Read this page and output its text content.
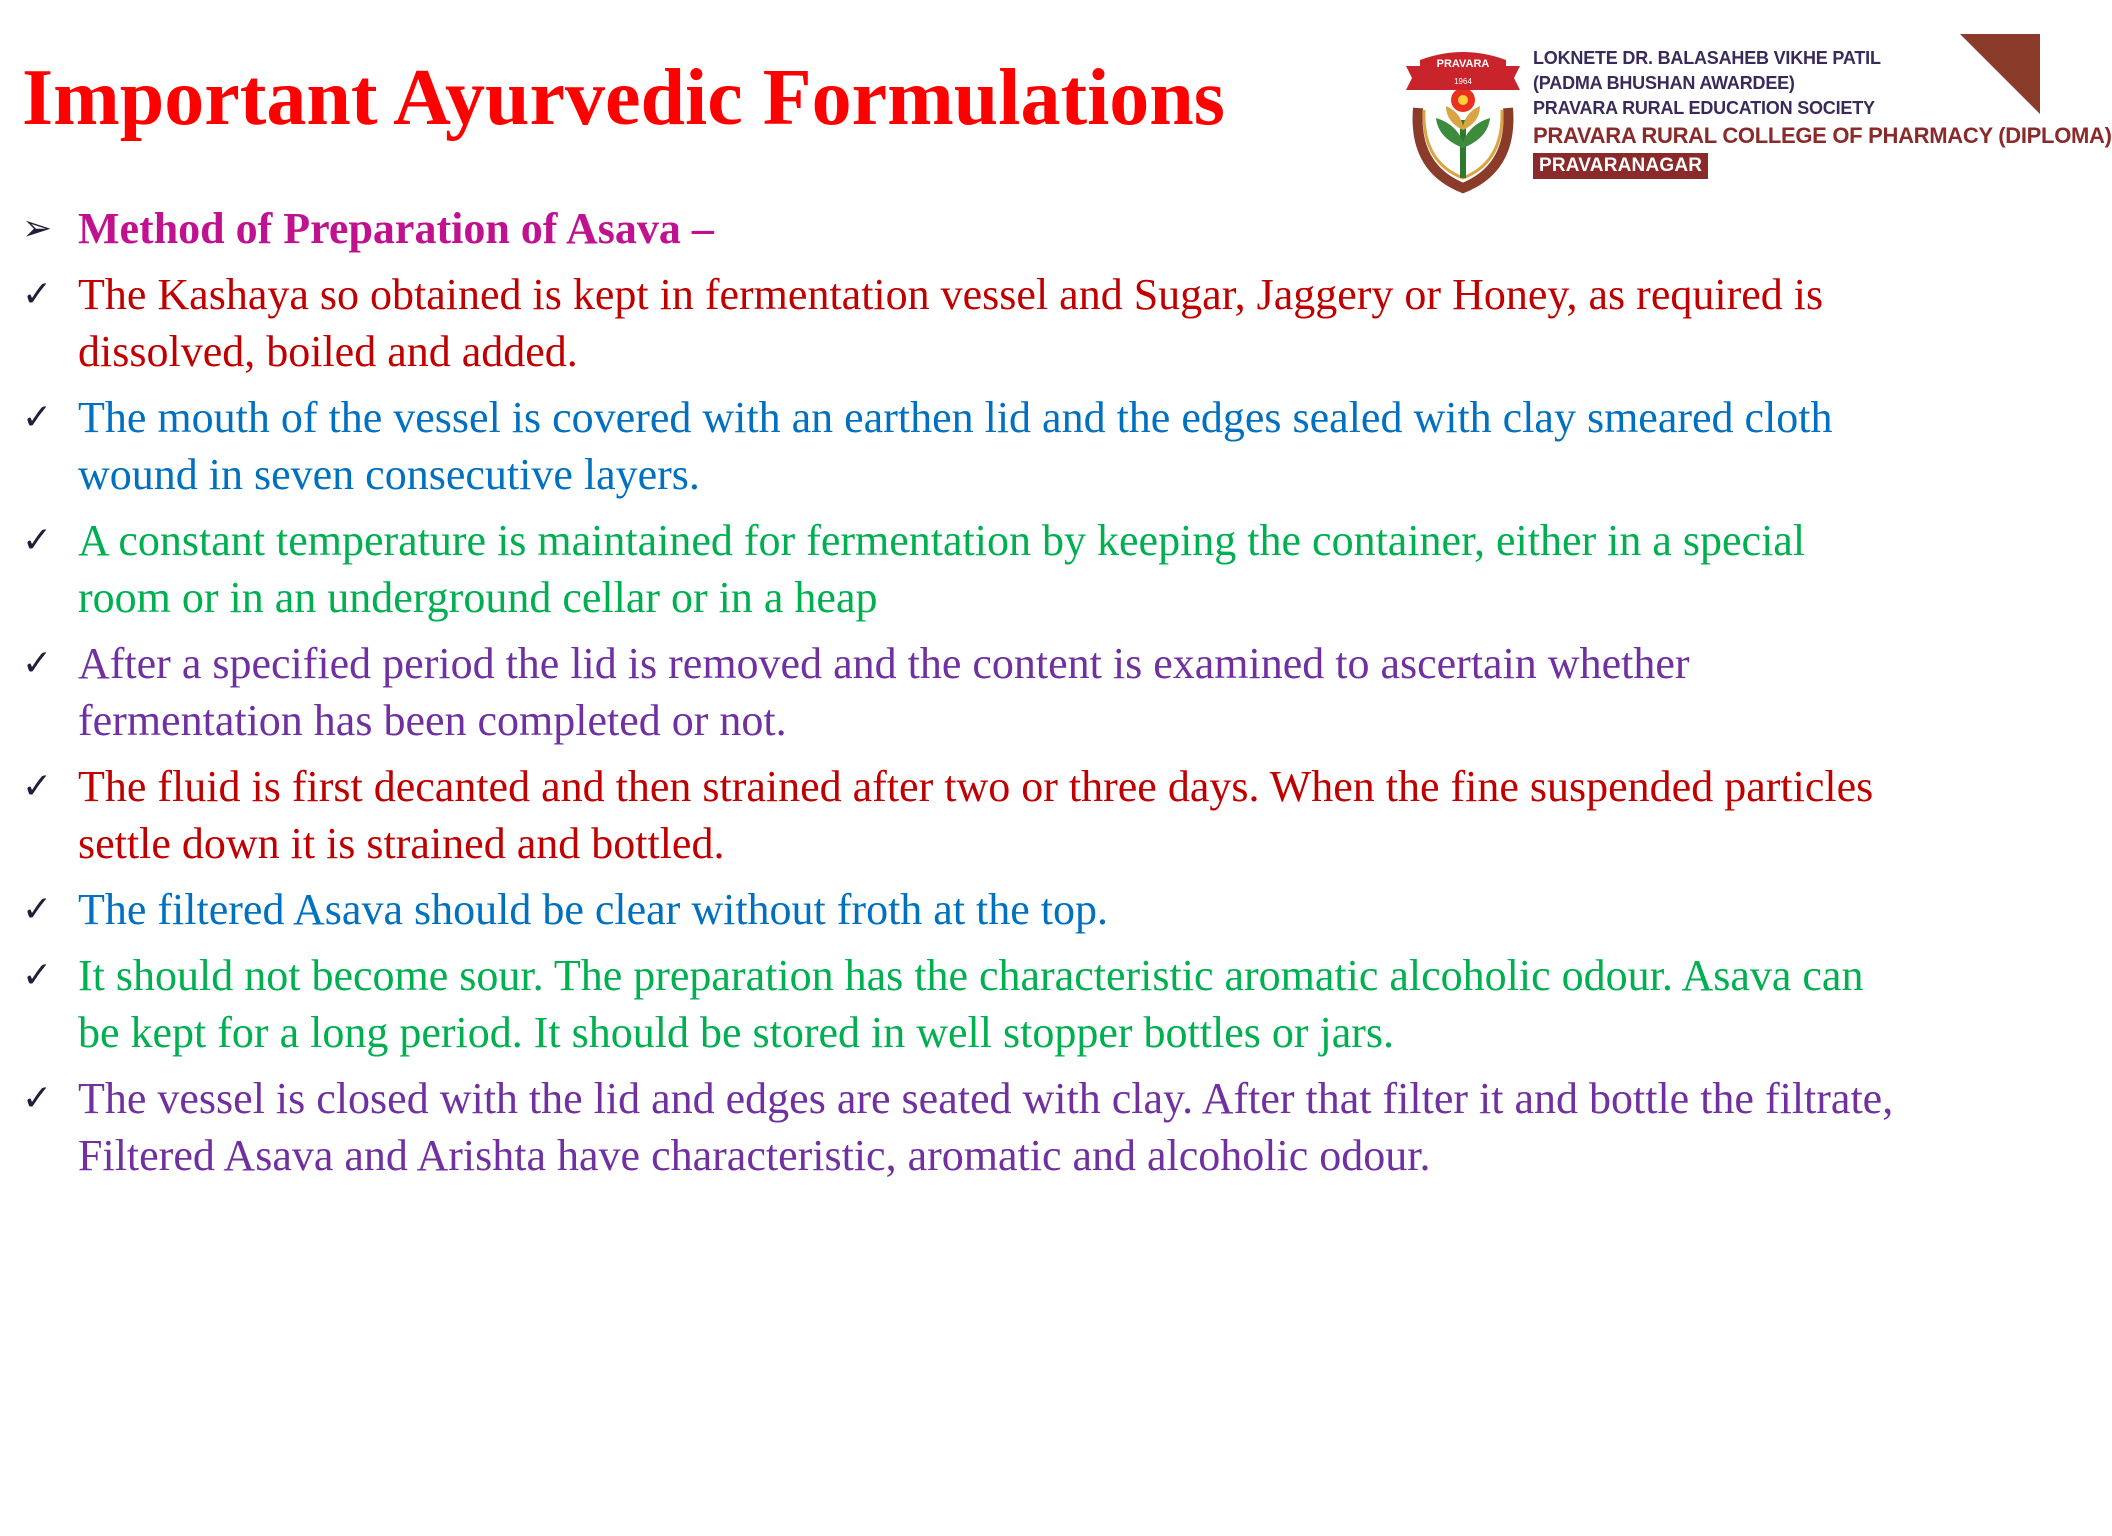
Important Ayurvedic Formulations	PRAVARA
1964
LOKNETE DR. BALASAHEB VIKHE PATIL
(PADMA BHUSHAN AWARDEE)
PRAVARA RURAL EDUCATION SOCIETY
PRAVARA RURAL COLLEGE OF PHARMACY (DIPLOMA)
PRAVARANAGAR
➢ Method of Preparation of Asava –
✓ The Kashaya so obtained is kept in fermentation vessel and Sugar, Jaggery or Honey, as required is
dissolved, boiled and added.
✓ The mouth of the vessel is covered with an earthen lid and the edges sealed with clay smeared cloth
wound in seven consecutive layers.
✓ A constant temperature is maintained for fermentation by keeping the container, either in a special
room or in an underground cellar or in a heap
✓ After a specified period the lid is removed and the content is examined to ascertain whether
fermentation has been completed or not.
✓ The fluid is first decanted and then strained after two or three days. When the fine suspended particles
settle down it is strained and bottled.
✓ The filtered Asava should be clear without froth at the top.
✓ It should not become sour. The preparation has the characteristic aromatic alcoholic odour. Asava can
be kept for a long period. It should be stored in well stopper bottles or jars.
✓ The vessel is closed with the lid and edges are seated with clay. After that filter it and bottle the filtrate,
Filtered Asava and Arishta have characteristic, aromatic and alcoholic odour.
